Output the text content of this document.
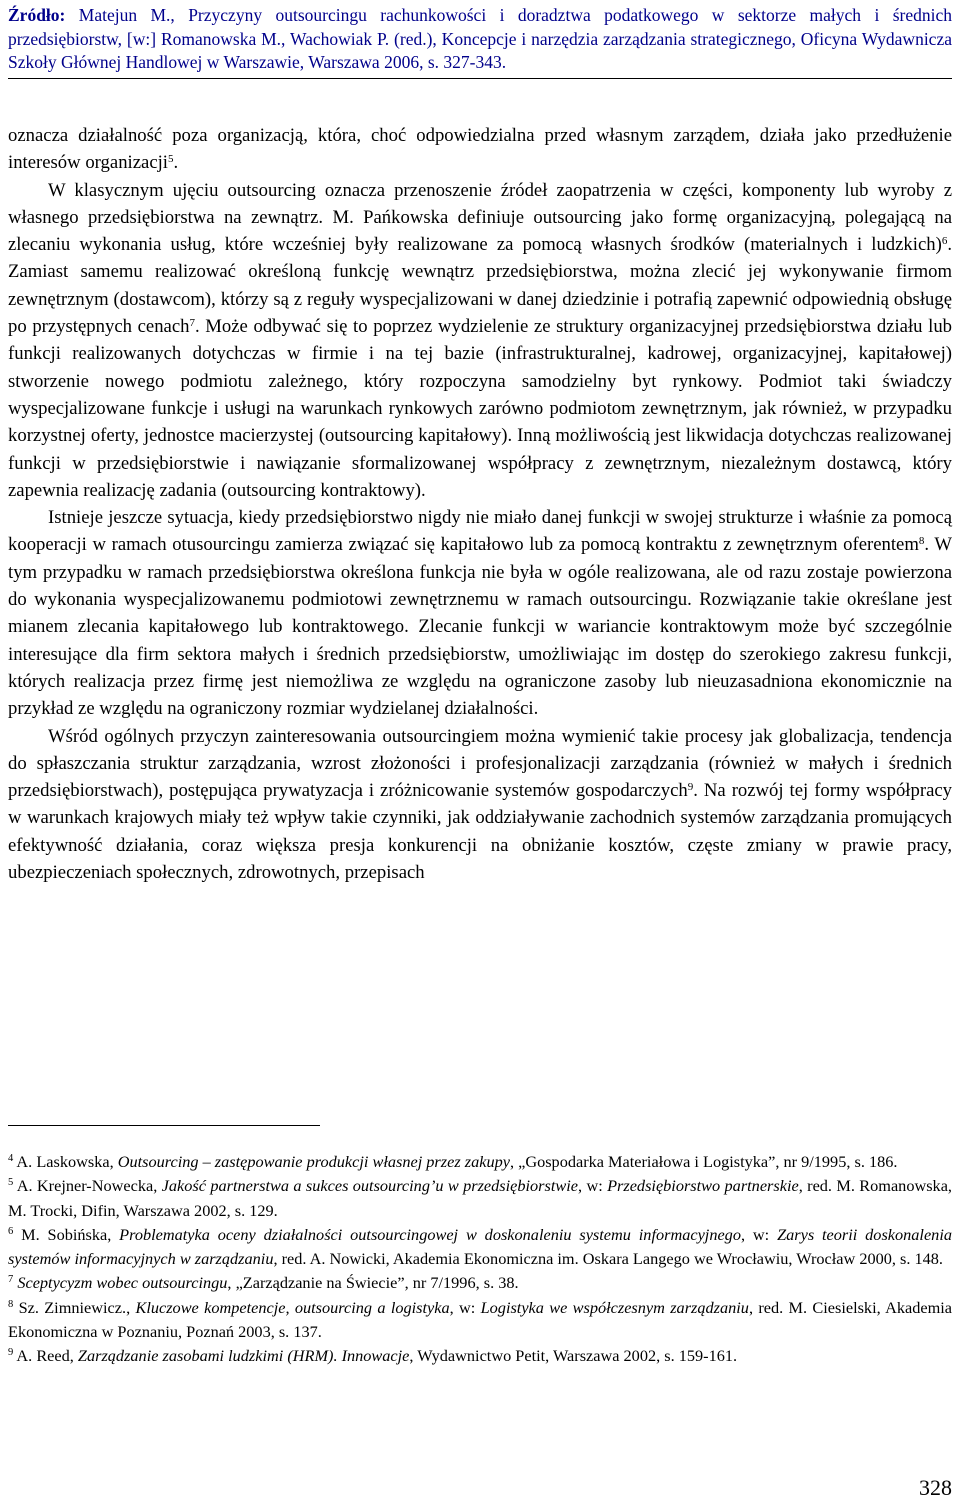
Źródło: Matejun M., Przyczyny outsourcingu rachunkowości i doradztwa podatkowego w sektorze małych i średnich przedsiębiorstw, [w:] Romanowska M., Wachowiak P. (red.), Koncepcje i narzędzia zarządzania strategicznego, Oficyna Wydawnicza Szkoły Głównej Handlowej w Warszawie, Warszawa 2006, s. 327-343.

oznacza działalność poza organizacją, która, choć odpowiedzialna przed własnym zarządem, działa jako przedłużenie interesów organizacji$^5$.

W klasycznym ujęciu outsourcing oznacza przenoszenie źródeł zaopatrzenia w części, komponenty lub wyroby z własnego przedsiębiorstwa na zewnątrz. M. Pańkowska definiuje outsourcing jako formę organizacyjną, polegającą na zlecaniu wykonania usług, które wcześniej były realizowane za pomocą własnych środków (materialnych i ludzkich)$^6$. Zamiast samemu realizować określoną funkcję wewnątrz przedsiębiorstwa, można zlecić jej wykonywanie firmom zewnętrznym (dostawcom), którzy są z reguły wyspecjalizowani w danej dziedzinie i potrafią zapewnić odpowiednią obsługę po przystępnych cenach$^7$. Może odbywać się to poprzez wydzielenie ze struktury organizacyjnej przedsiębiorstwa działu lub funkcji realizowanych dotychczas w firmie i na tej bazie (infrastrukturalnej, kadrowej, organizacyjnej, kapitałowej) stworzenie nowego podmiotu zależnego, który rozpoczyna samodzielny byt rynkowy. Podmiot taki świadczy wyspecjalizowane funkcje i usługi na warunkach rynkowych zarówno podmiotom zewnętrznym, jak również, w przypadku korzystnej oferty, jednostce macierzystej (outsourcing kapitałowy). Inną możliwością jest likwidacja dotychczas realizowanej funkcji w przedsiębiorstwie i nawiązanie sformalizowanej współpracy z zewnętrznym, niezależnym dostawcą, który zapewnia realizację zadania (outsourcing kontraktowy).

Istnieje jeszcze sytuacja, kiedy przedsiębiorstwo nigdy nie miało danej funkcji w swojej strukturze i właśnie za pomocą kooperacji w ramach otusourcingu zamierza związać się kapitałowo lub za pomocą kontraktu z zewnętrznym oferentem$^8$. W tym przypadku w ramach przedsiębiorstwa określona funkcja nie była w ogóle realizowana, ale od razu zostaje powierzona do wykonania wyspecjalizowanemu podmiotowi zewnętrznemu w ramach outsourcingu. Rozwiązanie takie określane jest mianem zlecania kapitałowego lub kontraktowego. Zlecanie funkcji w wariancie kontraktowym może być szczególnie interesujące dla firm sektora małych i średnich przedsiębiorstw, umożliwiając im dostęp do szerokiego zakresu funkcji, których realizacja przez firmę jest niemożliwa ze względu na ograniczone zasoby lub nieuzasadniona ekonomicznie na przykład ze względu na ograniczony rozmiar wydzielanej działalności.

Wśród ogólnych przyczyn zainteresowania outsourcingiem można wymienić takie procesy jak globalizacja, tendencja do spłaszczania struktur zarządzania, wzrost złożoności i profesjonalizacji zarządzania (również w małych i średnich przedsiębiorstwach), postępująca prywatyzacja i zróżnicowanie systemów gospodarczych$^9$. Na rozwój tej formy współpracy w warunkach krajowych miały też wpływ takie czynniki, jak oddziaływanie zachodnich systemów zarządzania promujących efektywność działania, coraz większa presja konkurencji na obniżanie kosztów, częste zmiany w prawie pracy, ubezpieczeniach społecznych, zdrowotnych, przepisach

$^4$ A. Laskowska, Outsourcing – zastępowanie produkcji własnej przez zakupy, „Gospodarka Materiałowa i Logistyka”, nr 9/1995, s. 186.

$^5$ A. Krejner-Nowecka, Jakość partnerstwa a sukces outsourcing’u w przedsiębiorstwie, w: Przedsiębiorstwo partnerskie, red. M. Romanowska, M. Trocki, Difin, Warszawa 2002, s. 129.

$^6$ M. Sobińska, Problematyka oceny działalności outsourcingowej w doskonaleniu systemu informacyjnego, w: Zarys teorii doskonalenia systemów informacyjnych w zarządzaniu, red. A. Nowicki, Akademia Ekonomiczna im. Oskara Langego we Wrocławiu, Wrocław 2000, s. 148.

$^7$ Sceptycyzm wobec outsourcingu, „Zarządzanie na Świecie”, nr 7/1996, s. 38.

$^8$ Sz. Zimniewicz., Kluczowe kompetencje, outsourcing a logistyka, w: Logistyka we współczesnym zarządzaniu, red. M. Ciesielski, Akademia Ekonomiczna w Poznaniu, Poznań 2003, s. 137.

$^9$ A. Reed, Zarządzanie zasobami ludzkimi (HRM). Innowacje, Wydawnictwo Petit, Warszawa 2002, s. 159-161.

328
